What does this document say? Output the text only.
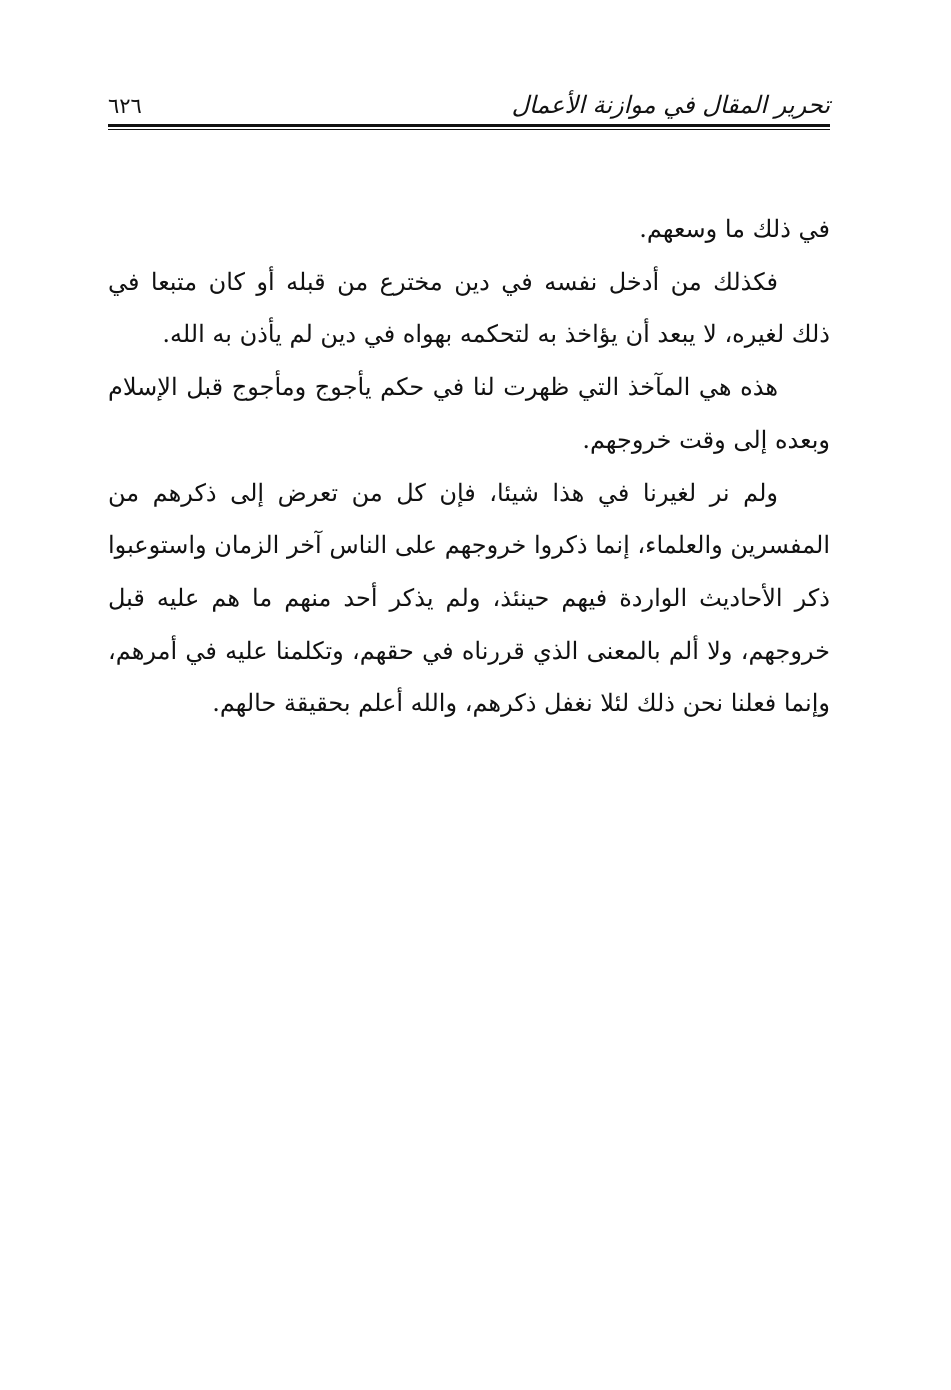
تحرير المقال في موازنة الأعمال
٦٢٦

في ذلك ما وسعهم.

فكذلك من أدخل نفسه في دين مخترع من قبله أو كان متبعا في ذلك لغيره، لا يبعد أن يؤاخذ به لتحكمه بهواه في دين لم يأذن به الله.

هذه هي المآخذ التي ظهرت لنا في حكم يأجوج ومأجوج قبل الإسلام وبعده إلى وقت خروجهم.

ولم نر لغيرنا في هذا شيئا، فإن كل من تعرض إلى ذكرهم من المفسرين والعلماء، إنما ذكروا خروجهم على الناس آخر الزمان واستوعبوا ذكر الأحاديث الواردة فيهم حينئذ، ولم يذكر أحد منهم ما هم عليه قبل خروجهم، ولا ألم بالمعنى الذي قررناه في حقهم، وتكلمنا عليه في أمرهم، وإنما فعلنا نحن ذلك لئلا نغفل ذكرهم، والله أعلم بحقيقة حالهم.
